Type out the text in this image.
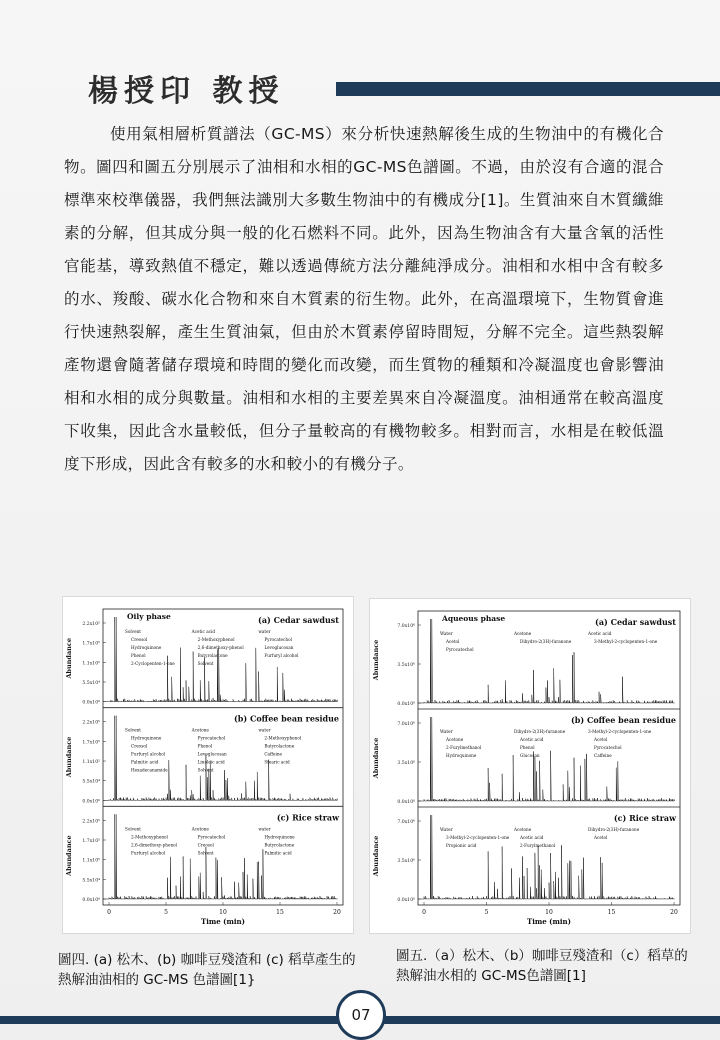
楊授印 教授

使用氣相層析質譜法（GC-MS）來分析快速熱解後生成的生物油中的有機化合物。圖四和圖五分別展示了油相和水相的GC-MS色譜圖。不過，由於沒有合適的混合標準來校準儀器，我們無法識別大多數生物油中的有機成分[1]。生質油來自木質纖維素的分解，但其成分與一般的化石燃料不同。此外，因為生物油含有大量含氧的活性官能基，導致熱值不穩定，難以透過傳統方法分離純淨成分。油相和水相中含有較多的水、羧酸、碳水化合物和來自木質素的衍生物。此外，在高溫環境下，生物質會進行快速熱裂解，產生生質油氣，但由於木質素停留時間短，分解不完全。這些熱裂解產物還會隨著儲存環境和時間的變化而改變，而生質物的種類和冷凝溫度也會影響油相和水相的成分與數量。油相和水相的主要差異來自冷凝溫度。油相通常在較高溫度下收集，因此含水量較低，但分子量較高的有機物較多。相對而言，水相是在較低溫度下形成，因此含有較多的水和較小的有機分子。

Oily phase	(a) Cedar sawdust
Abundance
2.2x10⁵
1.7x10⁵
1.1x10⁵
5.5x10⁴
0.0x10⁰
Solvent	Acetic acid	water
Creosol	2-Methoxyphenol	Pyrocatechol
Hydroquinone	2,6-dimethoxy-phenol	Levoglucosan
Phenol	Butyrolactone	Furfuryl alcohol
2-Cyclopenten-1-one	Solvent
(b) Coffee bean residue
Abundance
2.2x10⁵
1.7x10⁵
1.1x10⁵
5.5x10⁴
0.0x10⁰
Solvent	Acetone	water
Hydroquinone	Pyrocatechol	2-Methoxyphenol
Creosol	Phenol	Butyrolactone
Furfuryl alcohol	Levoglucosan	Caffeine
Palmitic acid	Linoleic acid	Stearic acid
Hexadecanamide	Solvent
(c) Rice straw
Abundance
2.2x10⁵
1.7x10⁵
1.1x10⁵
5.5x10⁴
0.0x10⁰
Solvent	Acetone	water
2-Methoxyphenol	Pyrocatechol	Hydroquinone
2,6-dimethoxy-phenol	Creosol	Butyrolactone
Furfuryl alcohol	Solvent	Palmitic acid
0	5	10	15	20
Time (min)
Aqueous phase	(a) Cedar sawdust
Abundance
7.0x10⁶
3.5x10⁶
0.0x10⁰
Water	Acetone	Acetic acid
Acetol	Dihydro-2(3H)-furanone	3-Methyl-2-cyclopenten-1-one
Pyrocatechol
(b) Coffee bean residue
Abundance
7.0x10⁶
3.5x10⁶
0.0x10⁰
Water	Dihydro-2(3H)-furanone	3-Methyl-2-cyclopenten-1-one
Acetone	Acetic acid	Acetol
2-Furylmethanol	Phenol	Pyrocatechol
Hydroquinone	Glucosan	Caffeine
(c) Rice straw
Abundance
7.0x10⁶
3.5x10⁶
0.0x10⁰
Water	Acetone	Dihydro-2(3H)-furanone
3-Methyl-2-cyclopenten-1-one	Acetic acid	Acetol
Propionic acid	2-Furylmethanol
0	5	10	15	20
Time (min)
圖四. (a) 松木、(b) 咖啡豆殘渣和 (c) 稻草產生的熱解油油相的 GC-MS 色譜圖[1}
圖五.（a）松木、（b）咖啡豆殘渣和（c）稻草的熱解油水相的 GC-MS色譜圖[1]
07
